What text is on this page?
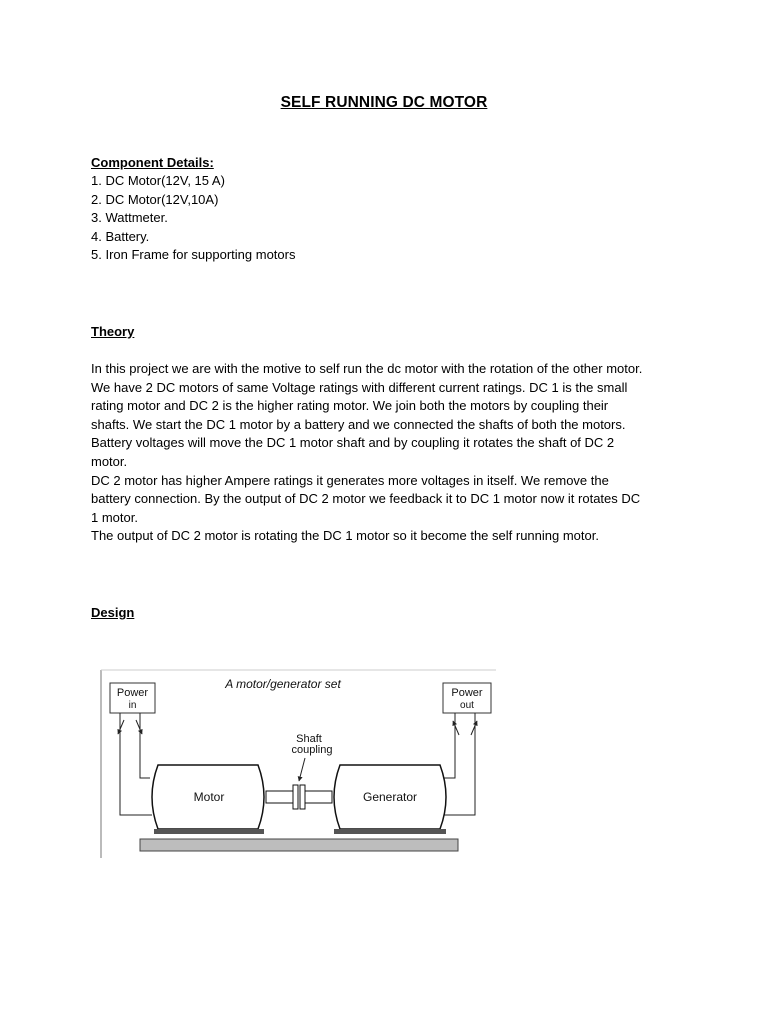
SELF RUNNING DC MOTOR
Component Details:
1. DC Motor(12V, 15 A)
2. DC Motor(12V,10A)
3. Wattmeter.
4. Battery.
5. Iron Frame for supporting motors
Theory
In this project we are with the motive to self run the dc motor with the rotation of the other motor.
We have 2 DC motors of same Voltage ratings with different current ratings. DC 1 is the small
rating motor and DC 2 is the higher rating motor. We join both the motors by coupling their
shafts. We start the DC 1 motor by a battery and we connected the shafts of both the motors.
Battery voltages will move the DC 1 motor shaft and by coupling it rotates the shaft of DC 2
motor.
DC 2 motor has higher Ampere ratings it generates more voltages in itself. We remove the
battery connection. By the output of DC 2 motor we feedback it to DC 1 motor now it rotates DC
1 motor.
The output of DC 2 motor is rotating the DC 1 motor so it become the self running motor.
Design
A motor/generator set
Power
in
Power
out
Motor	Generator
Shaft
coupling
